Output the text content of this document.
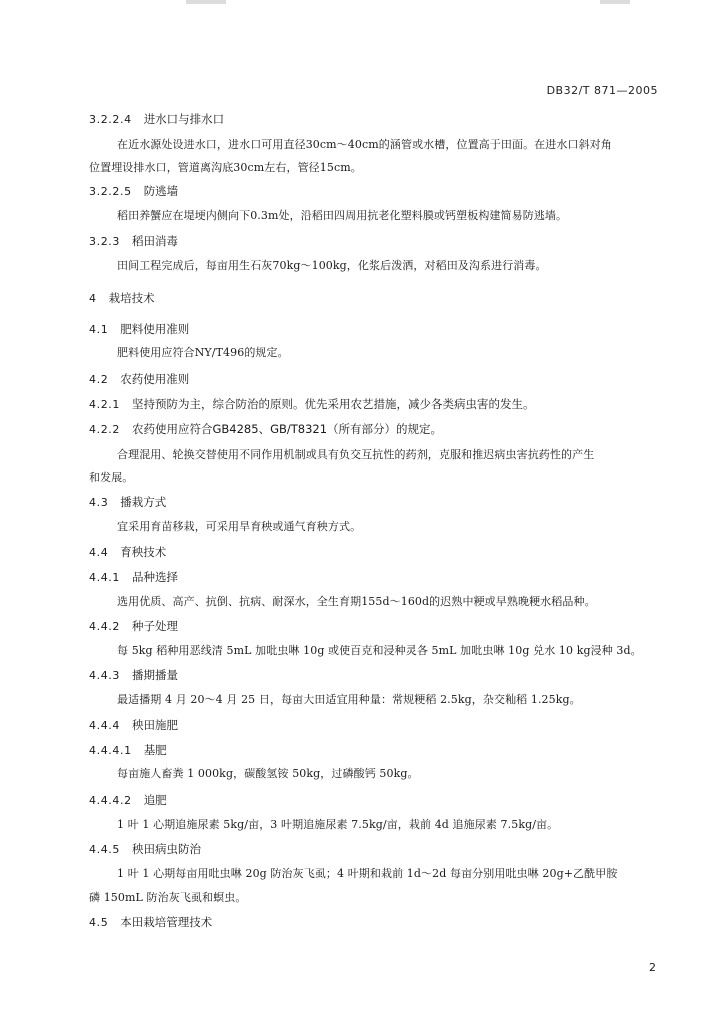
DB32/T 871—2005
3.2.2.4 进水口与排水口
在近水源处设进水口，进水口可用直径30cm～40cm的涵管或水槽，位置高于田面。在进水口斜对角
位置埋设排水口，管道离沟底30cm左右，管径15cm。
3.2.2.5 防逃墙
稻田养蟹应在堤埂内侧向下0.3m处，沿稻田四周用抗老化塑料膜或钙塑板构建简易防逃墙。
3.2.3 稻田消毒
田间工程完成后，每亩用生石灰70kg～100kg，化浆后泼洒，对稻田及沟系进行消毒。
4 栽培技术
4.1 肥料使用准则
肥料使用应符合NY/T496的规定。
4.2 农药使用准则
4.2.1 坚持预防为主，综合防治的原则。优先采用农艺措施，减少各类病虫害的发生。
4.2.2 农药使用应符合GB4285、GB/T8321（所有部分）的规定。
合理混用、轮换交替使用不同作用机制或具有负交互抗性的药剂，克服和推迟病虫害抗药性的产生
和发展。
4.3 播栽方式
宜采用育苗移栽，可采用旱育秧或通气育秧方式。
4.4 育秧技术
4.4.1 品种选择
选用优质、高产、抗倒、抗病、耐深水，全生育期155d～160d的迟熟中粳或早熟晚粳水稻品种。
4.4.2 种子处理
每 5kg 稻种用恶线清 5mL 加吡虫啉 10g 或使百克和浸种灵各 5mL 加吡虫啉 10g 兑水 10 kg浸种 3d。
4.4.3 播期播量
最适播期 4 月 20～4 月 25 日，每亩大田适宜用种量：常规粳稻 2.5kg，杂交籼稻 1.25kg。
4.4.4 秧田施肥
4.4.4.1 基肥
每亩施人畜粪 1 000kg，碳酸氢铵 50kg，过磷酸钙 50kg。
4.4.4.2 追肥
1 叶 1 心期追施尿素 5kg/亩，3 叶期追施尿素 7.5kg/亩，栽前 4d 追施尿素 7.5kg/亩。
4.4.5 秧田病虫防治
1 叶 1 心期每亩用吡虫啉 20g 防治灰飞虱；4 叶期和栽前 1d～2d 每亩分别用吡虫啉 20g+乙酰甲胺
磷 150mL 防治灰飞虱和螟虫。
4.5 本田栽培管理技术
2
